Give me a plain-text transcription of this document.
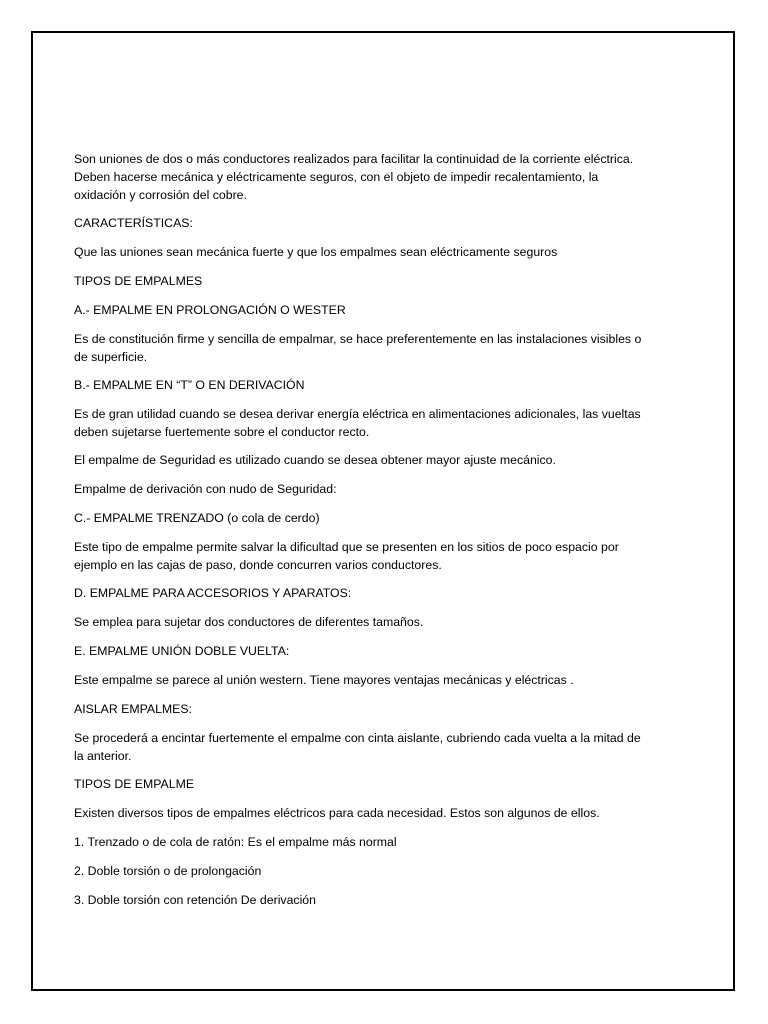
Son uniones de dos o más conductores realizados para facilitar la continuidad de la corriente eléctrica. Deben hacerse mecánica y eléctricamente seguros, con el objeto de impedir recalentamiento, la oxidación y corrosión del cobre.

CARACTERÍSTICAS:

Que las uniones sean mecánica fuerte y que los empalmes sean eléctricamente seguros

TIPOS DE EMPALMES

A.- EMPALME EN PROLONGACIÓN O WESTER

Es de constitución firme y sencilla de empalmar, se hace preferentemente en las instalaciones visibles o de superficie.

B.- EMPALME EN “T” O EN DERIVACIÓN

Es de gran utilidad cuando se desea derivar energía eléctrica en alimentaciones adicionales, las vueltas deben sujetarse fuertemente sobre el conductor recto.

El empalme de Seguridad es utilizado cuando se desea obtener mayor ajuste mecánico.

Empalme de derivación con nudo de Seguridad:

C.- EMPALME TRENZADO (o cola de cerdo)

Este tipo de empalme permite salvar la dificultad que se presenten en los sitios de poco espacio por ejemplo en las cajas de paso, donde concurren varios conductores.

D. EMPALME PARA ACCESORIOS Y APARATOS:

Se emplea para sujetar dos conductores de diferentes tamaños.

E. EMPALME UNIÓN DOBLE VUELTA:

Este empalme se parece al unión western. Tiene mayores ventajas mecánicas y eléctricas .

AISLAR EMPALMES:

Se procederá a encintar fuertemente el empalme con cinta aislante, cubriendo cada vuelta a la mitad de la anterior.

TIPOS DE EMPALME

Existen diversos tipos de empalmes eléctricos para cada necesidad. Estos son algunos de ellos.

1. Trenzado o de cola de ratón: Es el empalme más normal

2. Doble torsión o de prolongación

3. Doble torsión con retención De derivación
